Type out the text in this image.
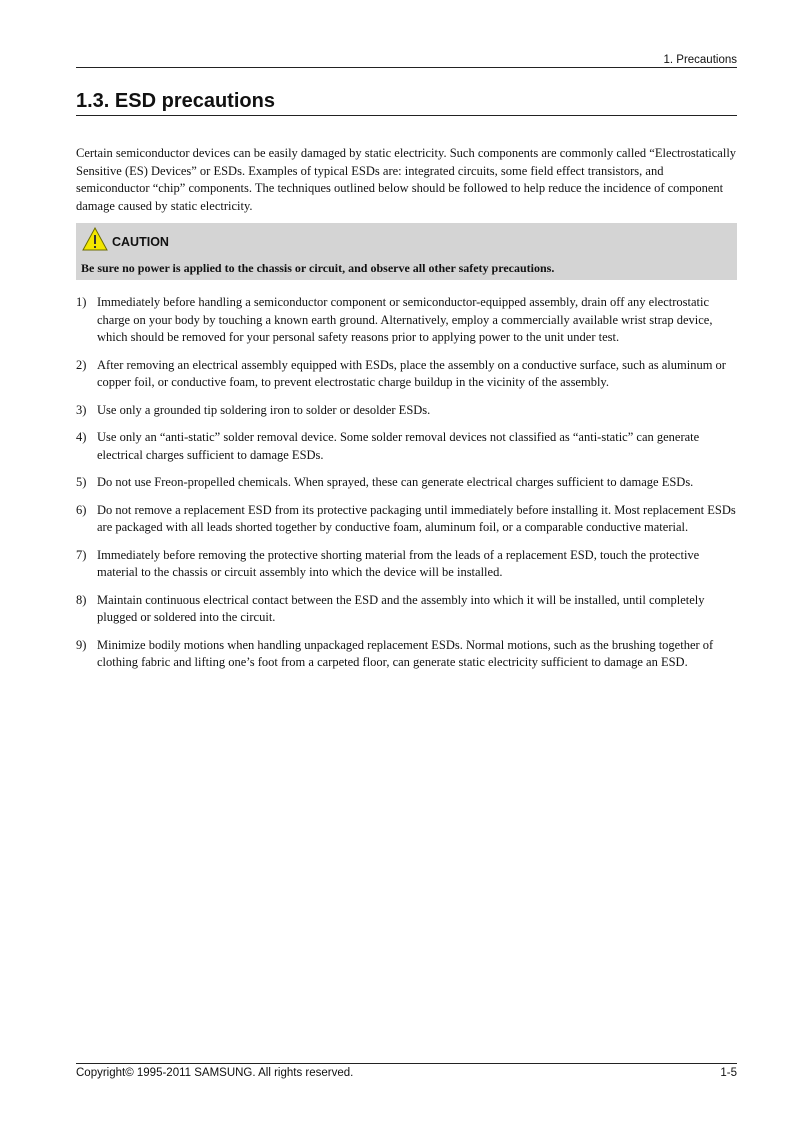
1. Precautions
1.3. ESD precautions

Certain semiconductor devices can be easily damaged by static electricity. Such components are commonly called “Electrostatically Sensitive (ES) Devices” or ESDs. Examples of typical ESDs are: integrated circuits, some field effect transistors, and semiconductor “chip” components. The techniques outlined below should be followed to help reduce the incidence of component damage caused by static electricity.

CAUTION
Be sure no power is applied to the chassis or circuit, and observe all other safety precautions.
1) Immediately before handling a semiconductor component or semiconductor-equipped assembly, drain off any electrostatic charge on your body by touching a known earth ground. Alternatively, employ a commercially available wrist strap device, which should be removed for your personal safety reasons prior to applying power to the unit under test.
2) After removing an electrical assembly equipped with ESDs, place the assembly on a conductive surface, such as aluminum or copper foil, or conductive foam, to prevent electrostatic charge buildup in the vicinity of the assembly.
3) Use only a grounded tip soldering iron to solder or desolder ESDs.
4) Use only an “anti-static” solder removal device. Some solder removal devices not classified as “anti-static” can generate electrical charges sufficient to damage ESDs.
5) Do not use Freon-propelled chemicals. When sprayed, these can generate electrical charges sufficient to damage ESDs.
6) Do not remove a replacement ESD from its protective packaging until immediately before installing it. Most replacement ESDs are packaged with all leads shorted together by conductive foam, aluminum foil, or a comparable conductive material.
7) Immediately before removing the protective shorting material from the leads of a replacement ESD, touch the protective material to the chassis or circuit assembly into which the device will be installed.
8) Maintain continuous electrical contact between the ESD and the assembly into which it will be installed, until completely plugged or soldered into the circuit.
9) Minimize bodily motions when handling unpackaged replacement ESDs. Normal motions, such as the brushing together of clothing fabric and lifting one’s foot from a carpeted floor, can generate static electricity sufficient to damage an ESD.
Copyright© 1995-2011 SAMSUNG. All rights reserved.	1-5
